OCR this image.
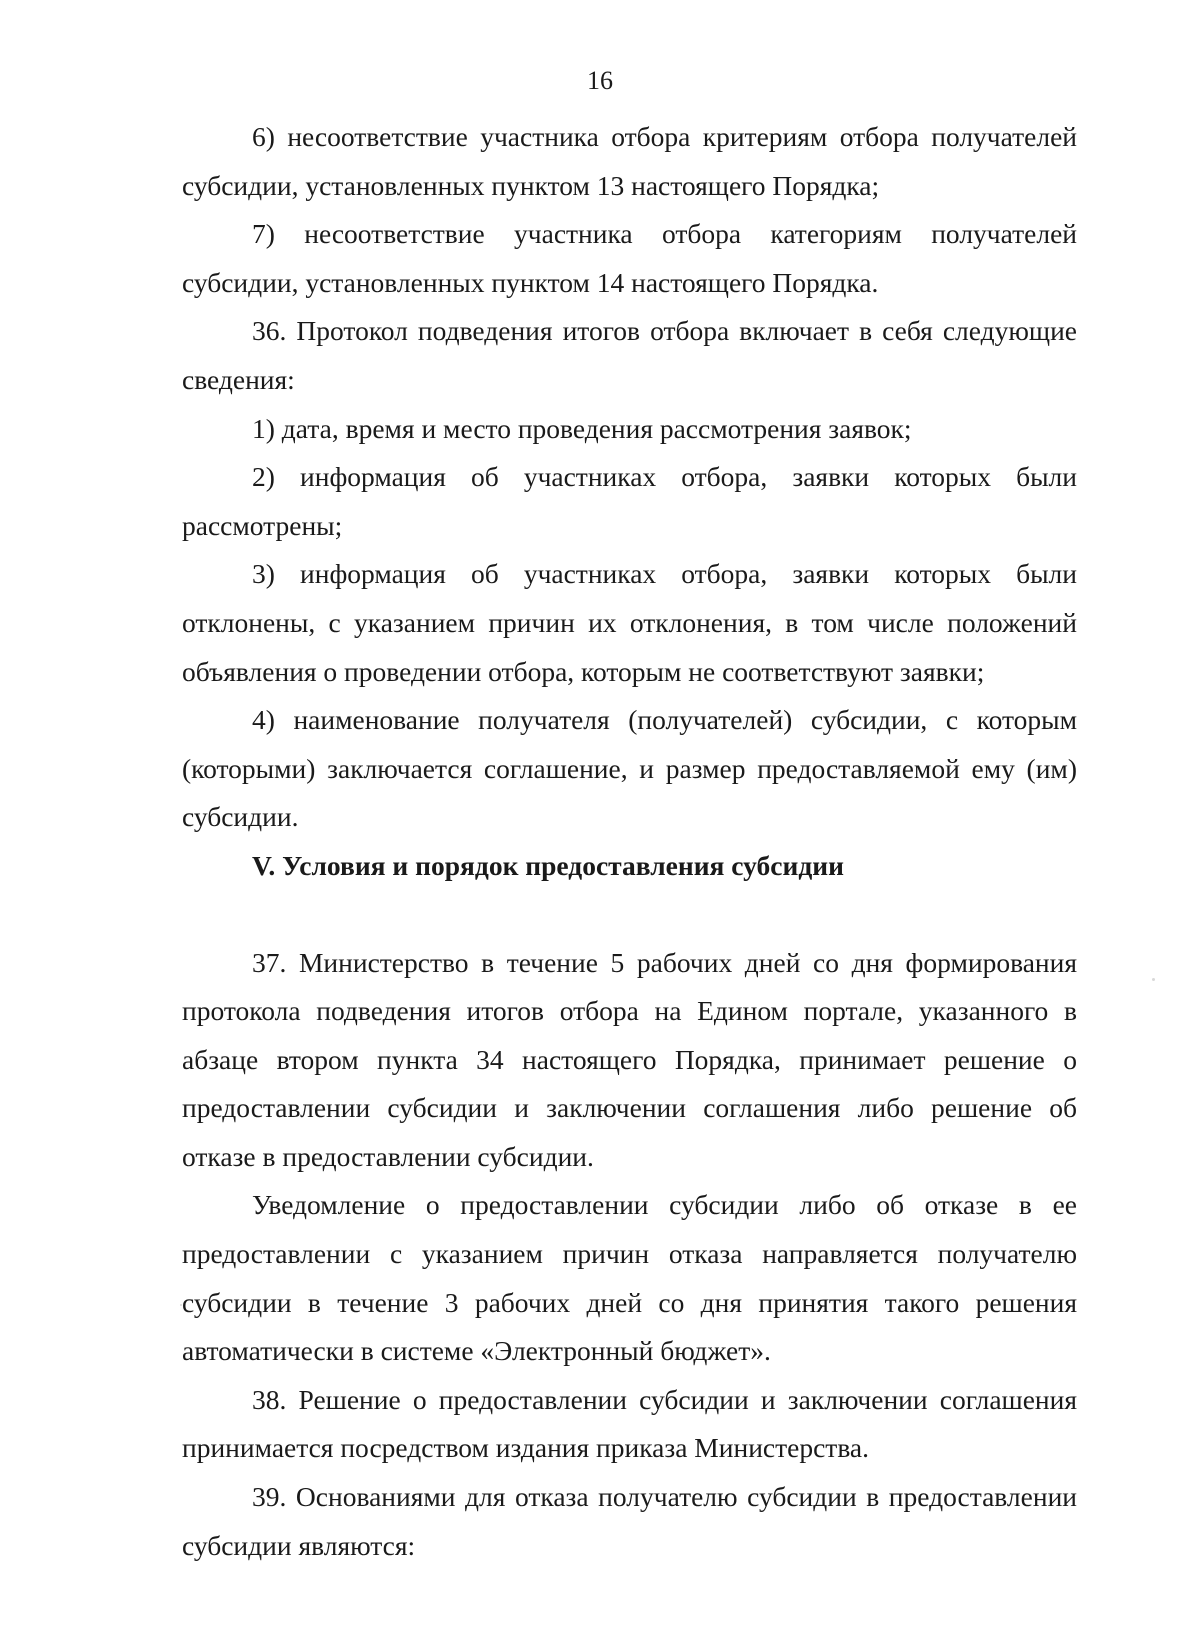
16

6) несоответствие участника отбора критериям отбора получателей субсидии, установленных пунктом 13 настоящего Порядка;

7) несоответствие участника отбора категориям получателей субсидии, установленных пунктом 14 настоящего Порядка.

36. Протокол подведения итогов отбора включает в себя следующие сведения:

1) дата, время и место проведения рассмотрения заявок;

2) информация об участниках отбора, заявки которых были рассмотрены;

3) информация об участниках отбора, заявки которых были отклонены, с указанием причин их отклонения, в том числе положений объявления о проведении отбора, которым не соответствуют заявки;

4) наименование получателя (получателей) субсидии, с которым (которыми) заключается соглашение, и размер предоставляемой ему (им) субсидии.

V. Условия и порядок предоставления субсидии

37. Министерство в течение 5 рабочих дней со дня формирования протокола подведения итогов отбора на Едином портале, указанного в абзаце втором пункта 34 настоящего Порядка, принимает решение о предоставлении субсидии и заключении соглашения либо решение об отказе в предоставлении субсидии.

Уведомление о предоставлении субсидии либо об отказе в ее предоставлении с указанием причин отказа направляется получателю субсидии в течение 3 рабочих дней со дня принятия такого решения автоматически в системе «Электронный бюджет».

38. Решение о предоставлении субсидии и заключении соглашения принимается посредством издания приказа Министерства.

39. Основаниями для отказа получателю субсидии в предоставлении субсидии являются:
